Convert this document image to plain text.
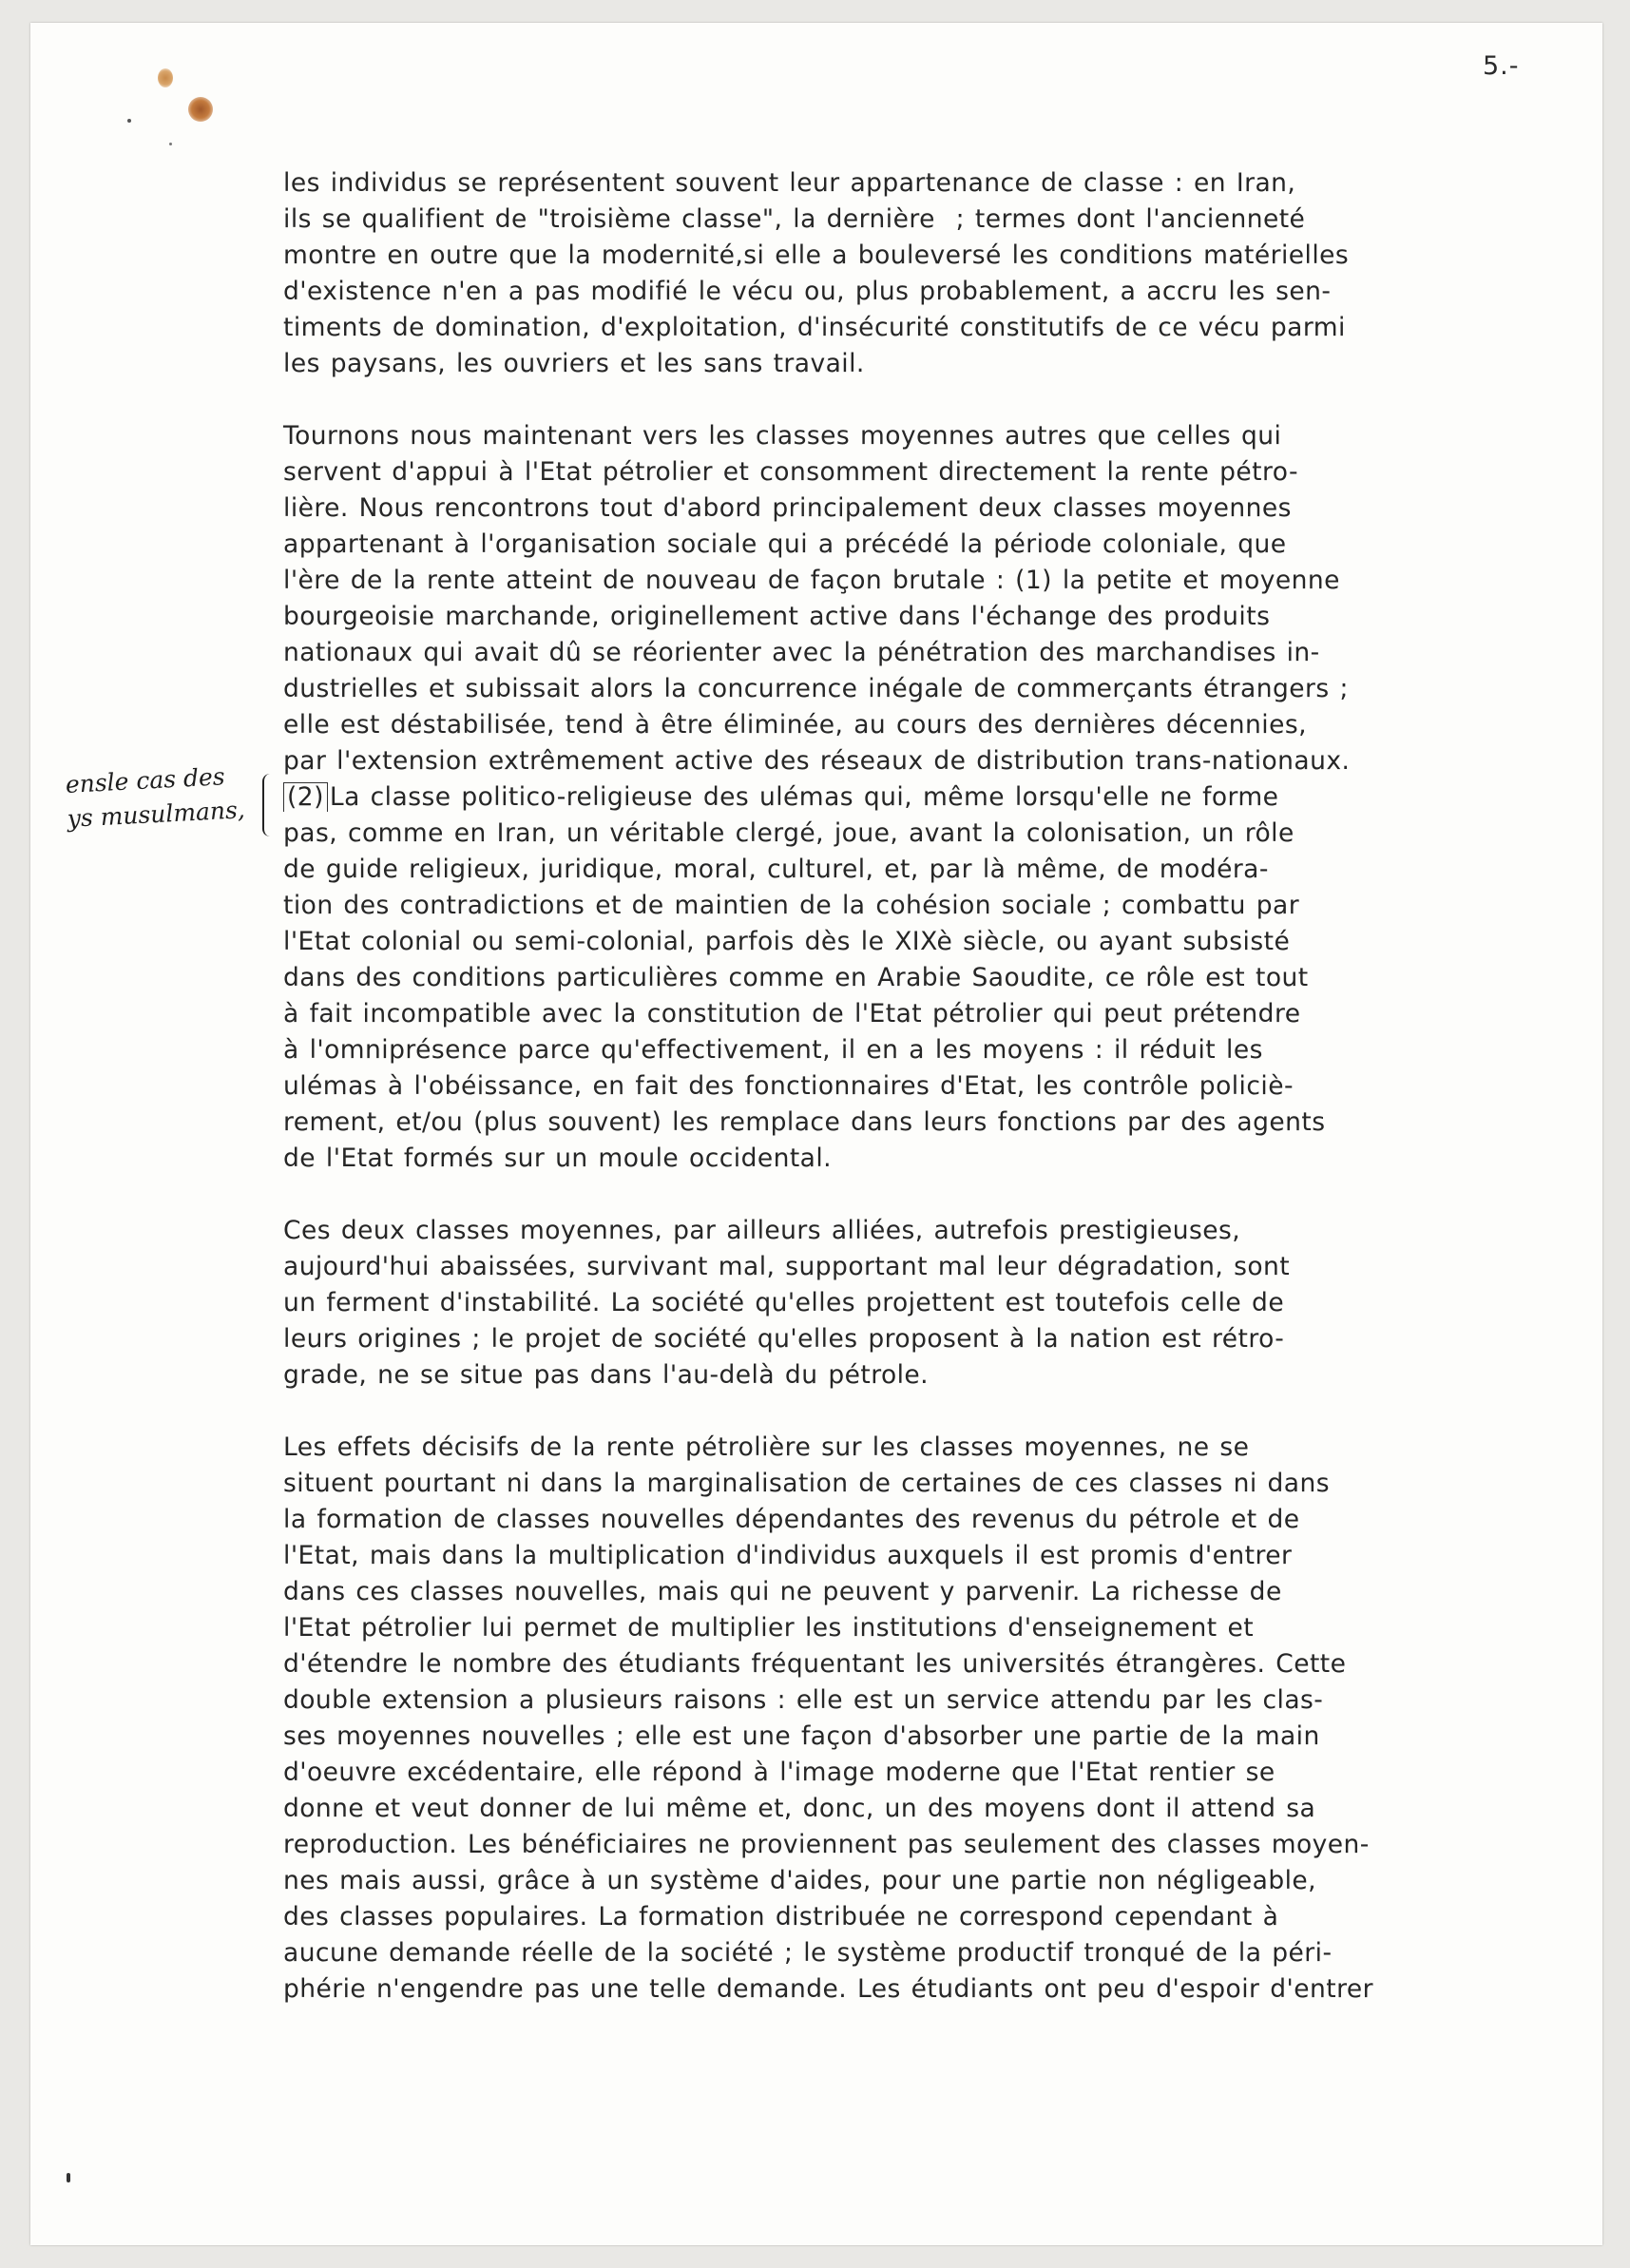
5.-
ensle cas des
ys musulmans,
les individus se représentent souvent leur appartenance de classe : en Iran,
ils se qualifient de "troisième classe", la dernière  ; termes dont l'ancienneté
montre en outre que la modernité,si elle a bouleversé les conditions matérielles
d'existence n'en a pas modifié le vécu ou, plus probablement, a accru les sen-
timents de domination, d'exploitation, d'insécurité constitutifs de ce vécu parmi
les paysans, les ouvriers et les sans travail.
Tournons nous maintenant vers les classes moyennes autres que celles qui
servent d'appui à l'Etat pétrolier et consomment directement la rente pétro-
lière. Nous rencontrons tout d'abord principalement deux classes moyennes
appartenant à l'organisation sociale qui a précédé la période coloniale, que
l'ère de la rente atteint de nouveau de façon brutale : (1) la petite et moyenne
bourgeoisie marchande, originellement active dans l'échange des produits
nationaux qui avait dû se réorienter avec la pénétration des marchandises in-
dustrielles et subissait alors la concurrence inégale de commerçants étrangers ;
elle est déstabilisée, tend à être éliminée, au cours des dernières décennies,
par l'extension extrêmement active des réseaux de distribution trans-nationaux.
(2) La classe politico-religieuse des ulémas qui, même lorsqu'elle ne forme
pas, comme en Iran, un véritable clergé, joue, avant la colonisation, un rôle
de guide religieux, juridique, moral, culturel, et, par là même, de modéra-
tion des contradictions et de maintien de la cohésion sociale ; combattu par
l'Etat colonial ou semi-colonial, parfois dès le XIXè siècle, ou ayant subsisté
dans des conditions particulières comme en Arabie Saoudite, ce rôle est tout
à fait incompatible avec la constitution de l'Etat pétrolier qui peut prétendre
à l'omniprésence parce qu'effectivement, il en a les moyens : il réduit les
ulémas à l'obéissance, en fait des fonctionnaires d'Etat, les contrôle policiè-
rement, et/ou (plus souvent) les remplace dans leurs fonctions par des agents
de l'Etat formés sur un moule occidental.
Ces deux classes moyennes, par ailleurs alliées, autrefois prestigieuses,
aujourd'hui abaissées, survivant mal, supportant mal leur dégradation, sont
un ferment d'instabilité. La société qu'elles projettent est toutefois celle de
leurs origines ; le projet de société qu'elles proposent à la nation est rétro-
grade, ne se situe pas dans l'au-delà du pétrole.
Les effets décisifs de la rente pétrolière sur les classes moyennes, ne se
situent pourtant ni dans la marginalisation de certaines de ces classes ni dans
la formation de classes nouvelles dépendantes des revenus du pétrole et de
l'Etat, mais dans la multiplication d'individus auxquels il est promis d'entrer
dans ces classes nouvelles, mais qui ne peuvent y parvenir. La richesse de
l'Etat pétrolier lui permet de multiplier les institutions d'enseignement et
d'étendre le nombre des étudiants fréquentant les universités étrangères. Cette
double extension a plusieurs raisons : elle est un service attendu par les clas-
ses moyennes nouvelles ; elle est une façon d'absorber une partie de la main
d'oeuvre excédentaire, elle répond à l'image moderne que l'Etat rentier se
donne et veut donner de lui même et, donc, un des moyens dont il attend sa
reproduction. Les bénéficiaires ne proviennent pas seulement des classes moyen-
nes mais aussi, grâce à un système d'aides, pour une partie non négligeable,
des classes populaires. La formation distribuée ne correspond cependant à
aucune demande réelle de la société ; le système productif tronqué de la péri-
phérie n'engendre pas une telle demande. Les étudiants ont peu d'espoir d'entrer
